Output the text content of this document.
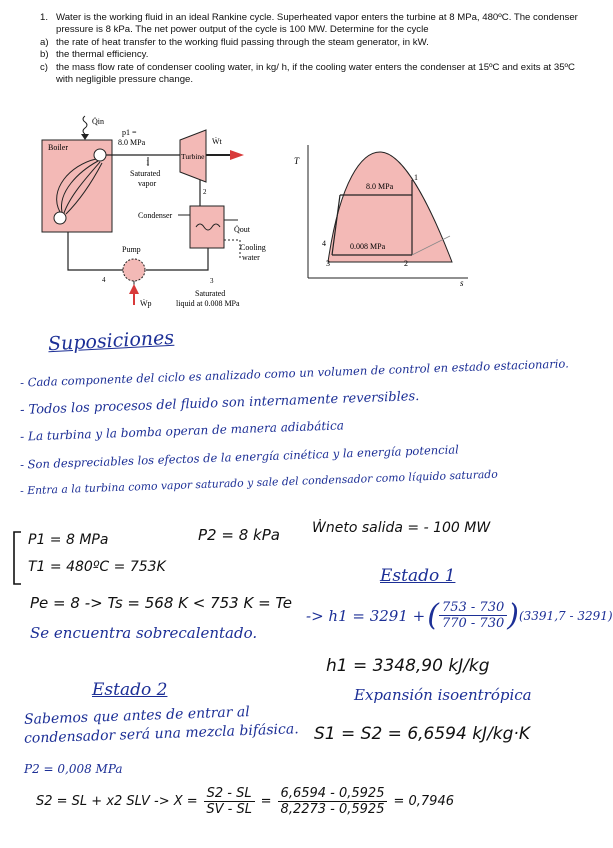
1. Water is the working fluid in an ideal Rankine cycle. Superheated vapor enters the turbine at 8 MPa, 480ºC. The condenser pressure is 8 kPa. The net power output of the cycle is 100 MW. Determine for the cycle
a) the rate of heat transfer to the working fluid passing through the steam generator, in kW.
b) the thermal efficiency.
c) the mass flow rate of condenser cooling water, in kg/ h, if the cooling water enters the condenser at 15ºC and exits at 35ºC with negligible pressure change.
Q̇in
Boiler
p1 =
8.0 MPa
1
Saturated
vapor
Turbine
Ẇt
2
Condenser
Q̇out
Cooling
water
3
Saturated
liquid at 0.008 MPa
Pump
Ẇp
4
T
s
8.0 MPa
0.008 MPa
1
2
3
4
Suposiciones
- Cada componente del ciclo es analizado como un volumen de control en estado estacionario.
- Todos los procesos del fluido son internamente reversibles.
- La turbina y la bomba operan de manera adiabática
- Son despreciables los efectos de la energía cinética y la energía potencial
- Entra a la turbina como vapor saturado y sale del condensador como líquido saturado
P1 = 8 MPa
T1 = 480ºC = 753K
P2 = 8 kPa Ẇneto salida = - 100 MW
Pe = 8 -> Ts = 568 K < 753 K = Te
Se encuentra sobrecalentado.
Estado 1
-> h1 = 3291 + ( $\frac{753 - 730}{770 - 730}$ ) (3391,7 - 3291)
h1 = 3348,90 kJ/kg
Expansión isoentrópica
S1 = S2 = 6,6594 kJ/kg·K
Estado 2
Sabemos que antes de entrar al
condensador será una mezcla bifásica.
P2 = 0,008 MPa
S2 = SL + x2 SLV -> $X = \frac{S2 - SL}{SV - SL} = \frac{6,6594 - 0,5925}{8,2273 - 0,5925} = 0,7946$
